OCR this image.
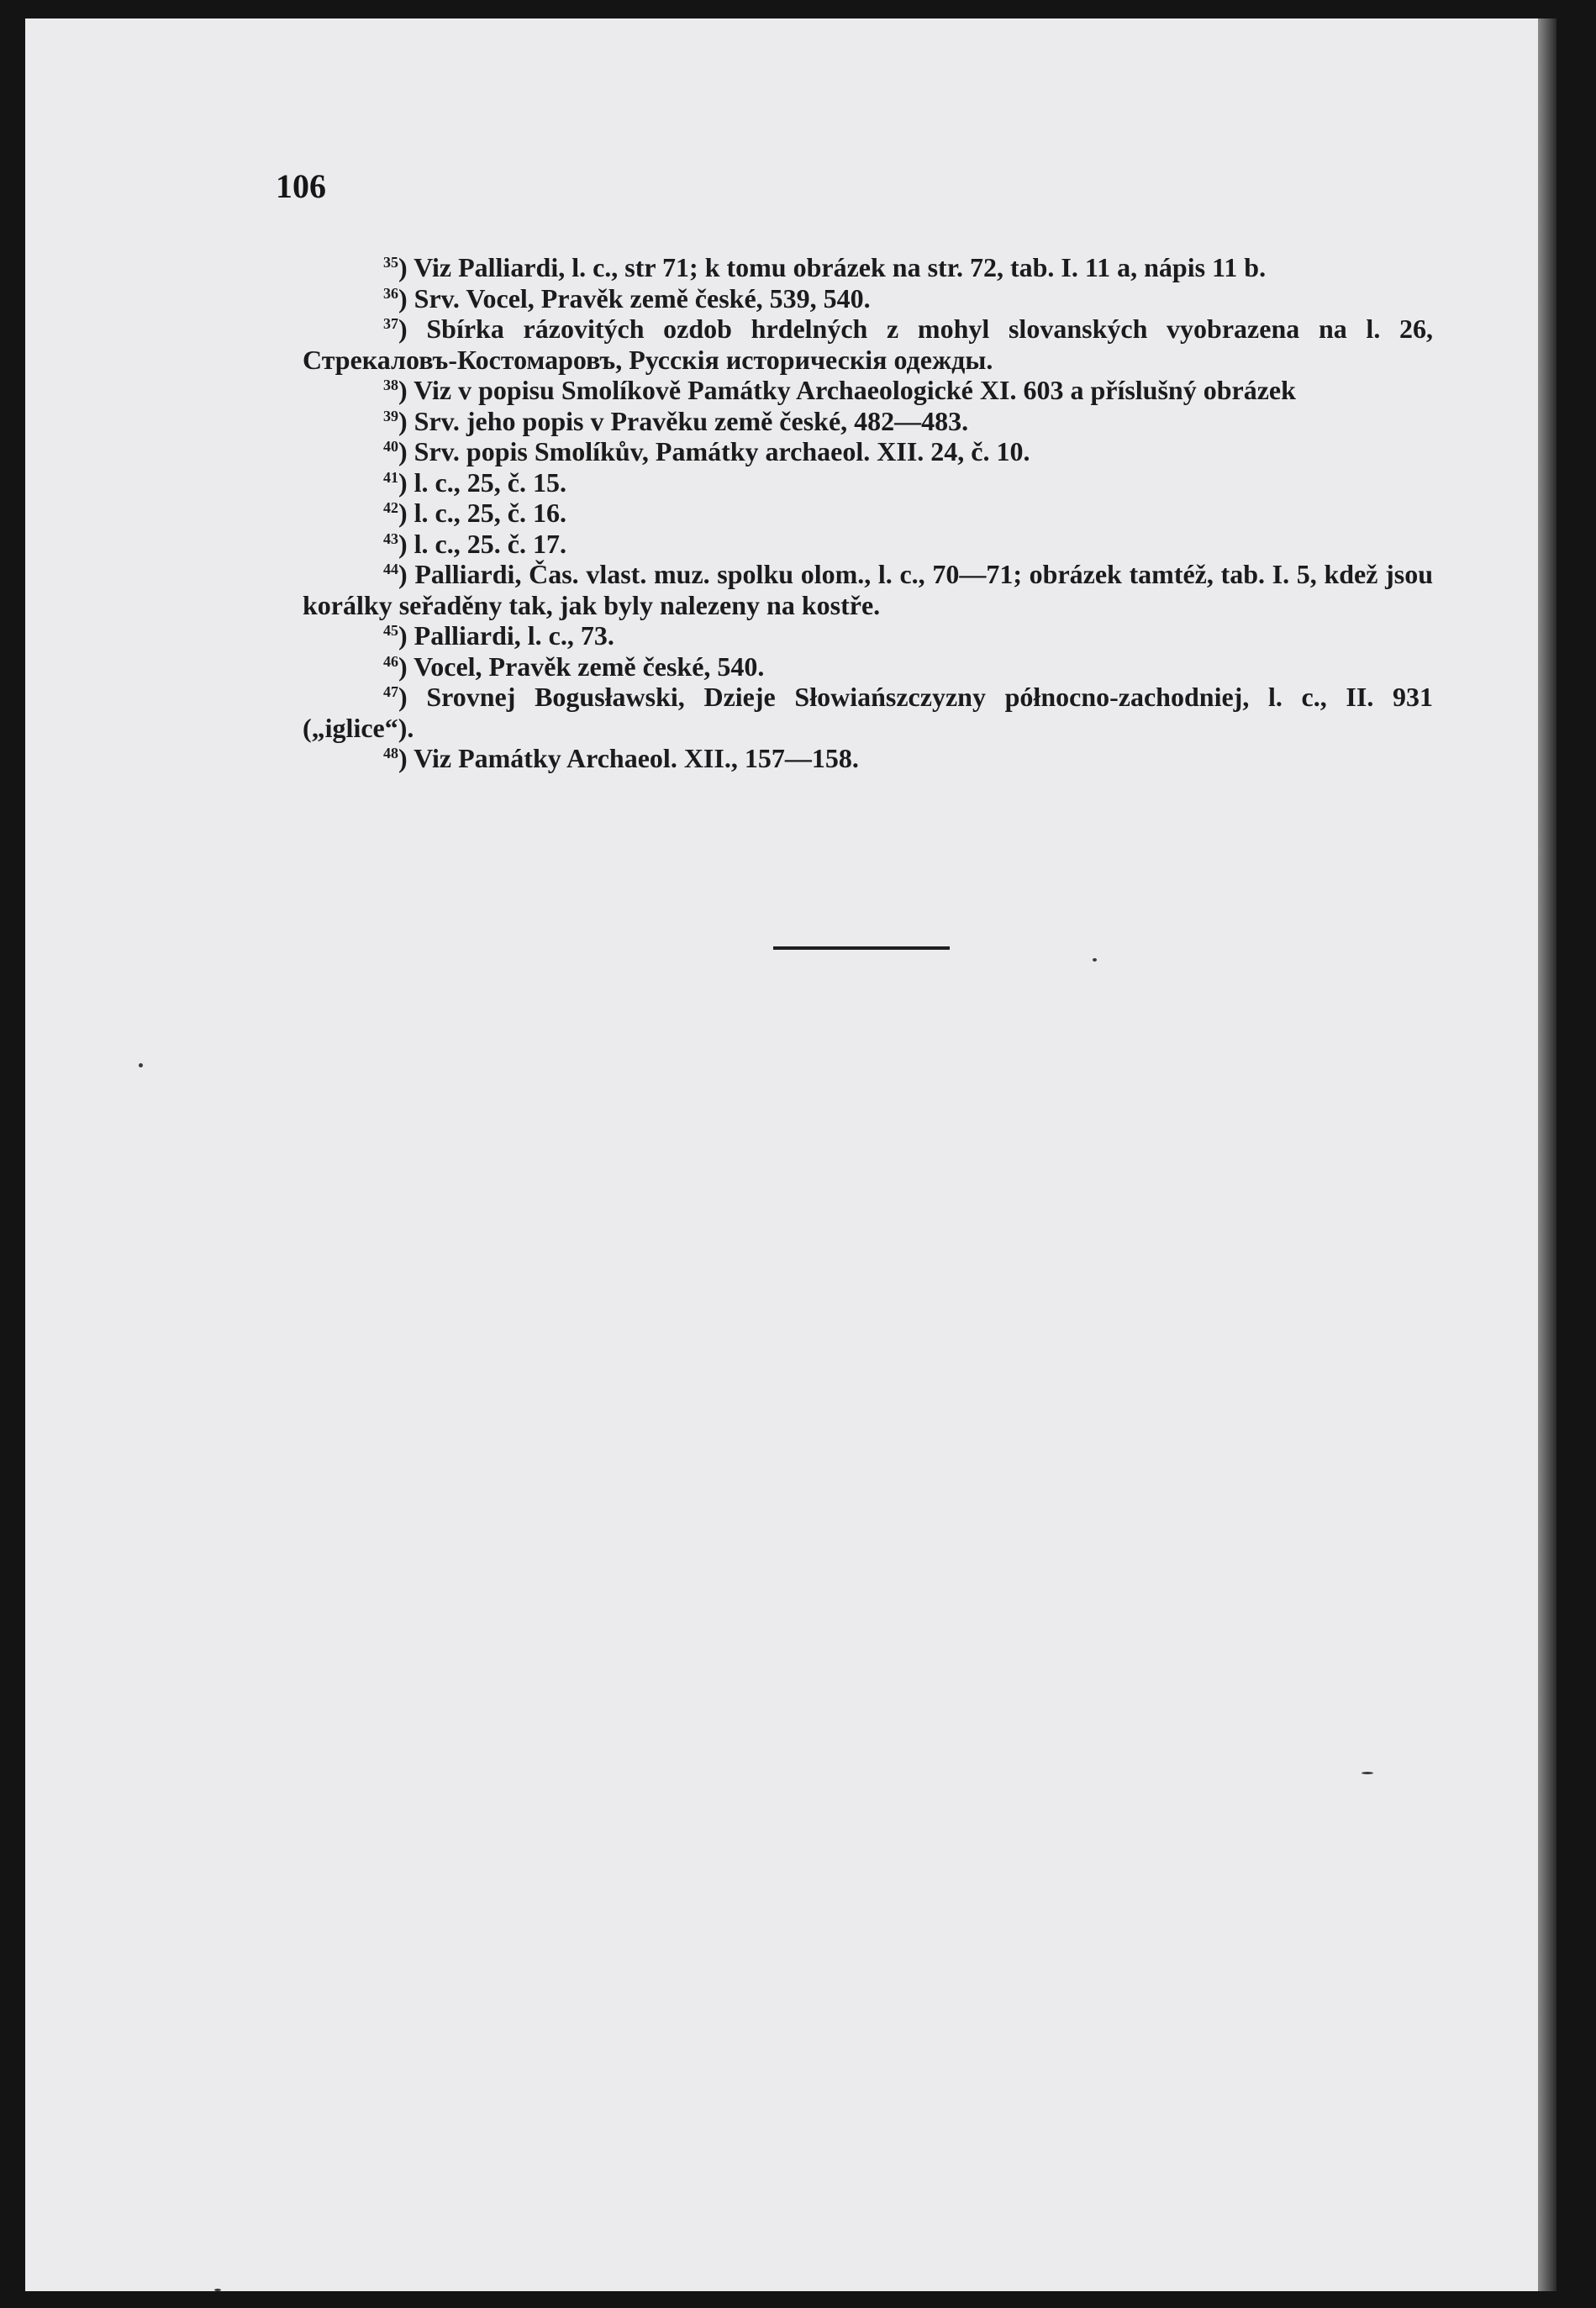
106
$^{35}$) Viz Palliardi, l. c., str 71; k tomu obrázek na str. 72, tab. I. 11 a, nápis 11 b.
$^{36}$) Srv. Vocel, Pravěk země české, 539, 540.
$^{37}$) Sbírka rázovitých ozdob hrdelných z mohyl slovanských vyobrazena na l. 26, Стрекаловъ-Костомаровъ, Русскія историческія одежды.
$^{38}$) Viz v popisu Smolíkově Památky Archaeologické XI. 603 a příslušný obrázek
$^{39}$) Srv. jeho popis v Pravěku země české, 482—483.
$^{40}$) Srv. popis Smolíkův, Památky archaeol. XII. 24, č. 10.
$^{41}$) l. c., 25, č. 15.
$^{42}$) l. c., 25, č. 16.
$^{43}$) l. c., 25. č. 17.
$^{44}$) Palliardi, Čas. vlast. muz. spolku olom., l. c., 70—71; obrázek tamtéž, tab. I. 5, kdež jsou korálky seřaděny tak, jak byly nalezeny na kostře.
$^{45}$) Palliardi, l. c., 73.
$^{46}$) Vocel, Pravěk země české, 540.
$^{47}$) Srovnej Bogusławski, Dzieje Słowiańszczyzny północno-zachodniej, l. c., II. 931 („iglice“).
$^{48}$) Viz Památky Archaeol. XII., 157—158.
